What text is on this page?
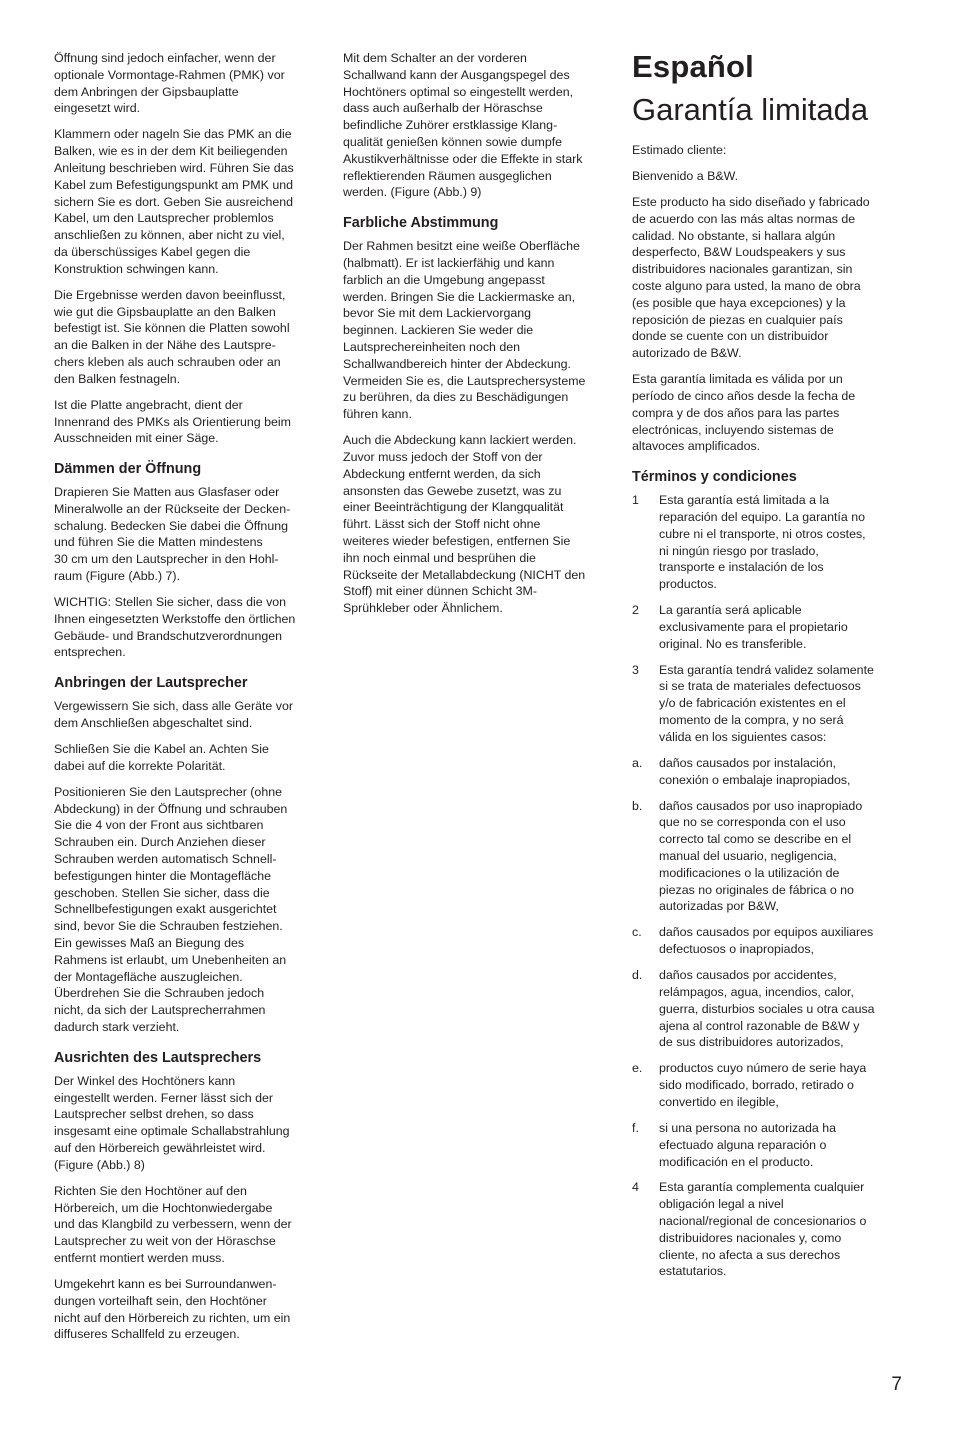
Öffnung sind jedoch einfacher, wenn der
optionale Vormontage-Rahmen (PMK) vor
dem Anbringen der Gipsbauplatte
eingesetzt wird.

Klammern oder nageln Sie das PMK an die
Balken, wie es in der dem Kit beiliegenden
Anleitung beschrieben wird. Führen Sie das
Kabel zum Befestigungspunkt am PMK und
sichern Sie es dort. Geben Sie ausreichend
Kabel, um den Lautsprecher problemlos
anschließen zu können, aber nicht zu viel,
da überschüssiges Kabel gegen die
Konstruktion schwingen kann.

Die Ergebnisse werden davon beeinflusst,
wie gut die Gipsbauplatte an den Balken
befestigt ist. Sie können die Platten sowohl
an die Balken in der Nähe des Lautspre-
chers kleben als auch schrauben oder an
den Balken festnageln.

Ist die Platte angebracht, dient der
Innenrand des PMKs als Orientierung beim
Ausschneiden mit einer Säge.

Dämmen der Öffnung

Drapieren Sie Matten aus Glasfaser oder
Mineralwolle an der Rückseite der Decken-
schalung. Bedecken Sie dabei die Öffnung
und führen Sie die Matten mindestens
30 cm um den Lautsprecher in den Hohl-
raum (Figure (Abb.) 7).

WICHTIG: Stellen Sie sicher, dass die von
Ihnen eingesetzten Werkstoffe den örtlichen
Gebäude- und Brandschutzverordnungen
entsprechen.

Anbringen der Lautsprecher

Vergewissern Sie sich, dass alle Geräte vor
dem Anschließen abgeschaltet sind.

Schließen Sie die Kabel an. Achten Sie
dabei auf die korrekte Polarität.

Positionieren Sie den Lautsprecher (ohne
Abdeckung) in der Öffnung und schrauben
Sie die 4 von der Front aus sichtbaren
Schrauben ein. Durch Anziehen dieser
Schrauben werden automatisch Schnell-
befestigungen hinter die Montagefläche
geschoben. Stellen Sie sicher, dass die
Schnellbefestigungen exakt ausgerichtet
sind, bevor Sie die Schrauben festziehen.
Ein gewisses Maß an Biegung des
Rahmens ist erlaubt, um Unebenheiten an
der Montagefläche auszugleichen.
Überdrehen Sie die Schrauben jedoch
nicht, da sich der Lautsprecherrahmen
dadurch stark verzieht.

Ausrichten des Lautsprechers

Der Winkel des Hochtöners kann
eingestellt werden. Ferner lässt sich der
Lautsprecher selbst drehen, so dass
insgesamt eine optimale Schallabstrahlung
auf den Hörbereich gewährleistet wird.
(Figure (Abb.) 8)

Richten Sie den Hochtöner auf den
Hörbereich, um die Hochtonwiedergabe
und das Klangbild zu verbessern, wenn der
Lautsprecher zu weit von der Höraschse
entfernt montiert werden muss.

Umgekehrt kann es bei Surroundanwen-
dungen vorteilhaft sein, den Hochtöner
nicht auf den Hörbereich zu richten, um ein
diffuseres Schallfeld zu erzeugen.

Mit dem Schalter an der vorderen
Schallwand kann der Ausgangspegel des
Hochtöners optimal so eingestellt werden,
dass auch außerhalb der Höraschse
befindliche Zuhörer erstklassige Klang-
qualität genießen können sowie dumpfe
Akustikverhältnisse oder die Effekte in stark
reflektierenden Räumen ausgeglichen
werden. (Figure (Abb.) 9)

Farbliche Abstimmung

Der Rahmen besitzt eine weiße Oberfläche
(halbmatt). Er ist lackierfähig und kann
farblich an die Umgebung angepasst
werden. Bringen Sie die Lackiermaske an,
bevor Sie mit dem Lackiervorgang
beginnen. Lackieren Sie weder die
Lautsprechereinheiten noch den
Schallwandbereich hinter der Abdeckung.
Vermeiden Sie es, die Lautsprechersysteme
zu berühren, da dies zu Beschädigungen
führen kann.

Auch die Abdeckung kann lackiert werden.
Zuvor muss jedoch der Stoff von der
Abdeckung entfernt werden, da sich
ansonsten das Gewebe zusetzt, was zu
einer Beeinträchtigung der Klangqualität
führt. Lässt sich der Stoff nicht ohne
weiteres wieder befestigen, entfernen Sie
ihn noch einmal und besprühen die
Rückseite der Metallabdeckung (NICHT den
Stoff) mit einer dünnen Schicht 3M-
Sprühkleber oder Ähnlichem.

Español
Garantía limitada

Estimado cliente:

Bienvenido a B&W.

Este producto ha sido diseñado y fabricado
de acuerdo con las más altas normas de
calidad. No obstante, si hallara algún
desperfecto, B&W Loudspeakers y sus
distribuidores nacionales garantizan, sin
coste alguno para usted, la mano de obra
(es posible que haya excepciones) y la
reposición de piezas en cualquier país
donde se cuente con un distribuidor
autorizado de B&W.

Esta garantía limitada es válida por un
período de cinco años desde la fecha de
compra y de dos años para las partes
electrónicas, incluyendo sistemas de
altavoces amplificados.

Términos y condiciones
1	Esta garantía está limitada a la
reparación del equipo. La garantía no
cubre ni el transporte, ni otros costes,
ni ningún riesgo por traslado,
transporte e instalación de los
productos.
2	La garantía será aplicable
exclusivamente para el propietario
original. No es transferible.
3	Esta garantía tendrá validez solamente
si se trata de materiales defectuosos
y/o de fabricación existentes en el
momento de la compra, y no será
válida en los siguientes casos:
a.	daños causados por instalación,
conexión o embalaje inapropiados,
b.	daños causados por uso inapropiado
que no se corresponda con el uso
correcto tal como se describe en el
manual del usuario, negligencia,
modificaciones o la utilización de
piezas no originales de fábrica o no
autorizadas por B&W,
c.	daños causados por equipos auxiliares
defectuosos o inapropiados,
d.	daños causados por accidentes,
relámpagos, agua, incendios, calor,
guerra, disturbios sociales u otra causa
ajena al control razonable de B&W y
de sus distribuidores autorizados,
e.	productos cuyo número de serie haya
sido modificado, borrado, retirado o
convertido en ilegible,
f.	si una persona no autorizada ha
efectuado alguna reparación o
modificación en el producto.
4	Esta garantía complementa cualquier
obligación legal a nivel
nacional/regional de concesionarios o
distribuidores nacionales y, como
cliente, no afecta a sus derechos
estatutarios.
7
